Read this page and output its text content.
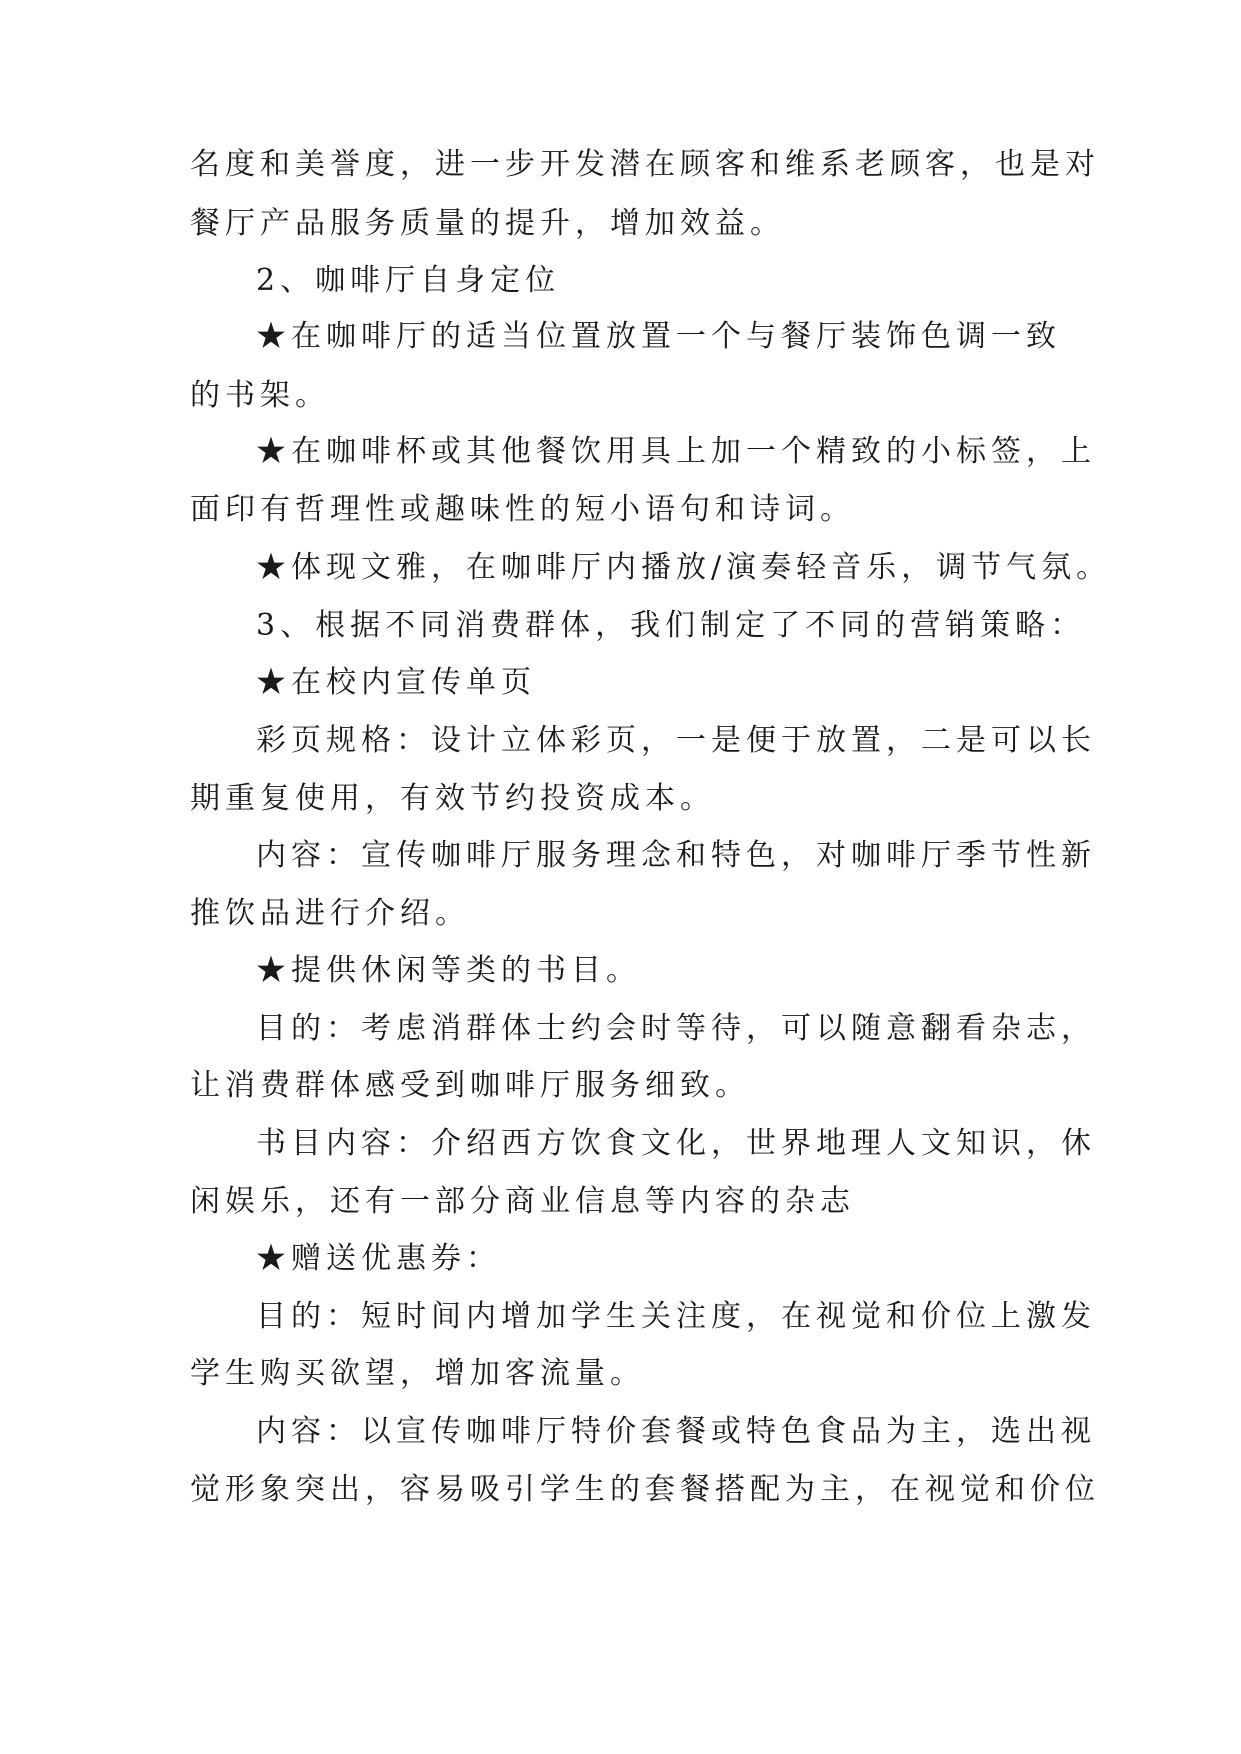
名度和美誉度，进一步开发潜在顾客和维系老顾客，也是对
餐厅产品服务质量的提升，增加效益。
2、咖啡厅自身定位
★在咖啡厅的适当位置放置一个与餐厅装饰色调一致
的书架。
★在咖啡杯或其他餐饮用具上加一个精致的小标签，上
面印有哲理性或趣味性的短小语句和诗词。
★体现文雅，在咖啡厅内播放/演奏轻音乐，调节气氛。
3、根据不同消费群体，我们制定了不同的营销策略：
★在校内宣传单页
彩页规格：设计立体彩页，一是便于放置，二是可以长
期重复使用，有效节约投资成本。
内容：宣传咖啡厅服务理念和特色，对咖啡厅季节性新
推饮品进行介绍。
★提供休闲等类的书目。
目的：考虑消群体士约会时等待，可以随意翻看杂志，
让消费群体感受到咖啡厅服务细致。
书目内容：介绍西方饮食文化，世界地理人文知识，休
闲娱乐，还有一部分商业信息等内容的杂志
★赠送优惠券：
目的：短时间内增加学生关注度，在视觉和价位上激发
学生购买欲望，增加客流量。
内容：以宣传咖啡厅特价套餐或特色食品为主，选出视
觉形象突出，容易吸引学生的套餐搭配为主，在视觉和价位
